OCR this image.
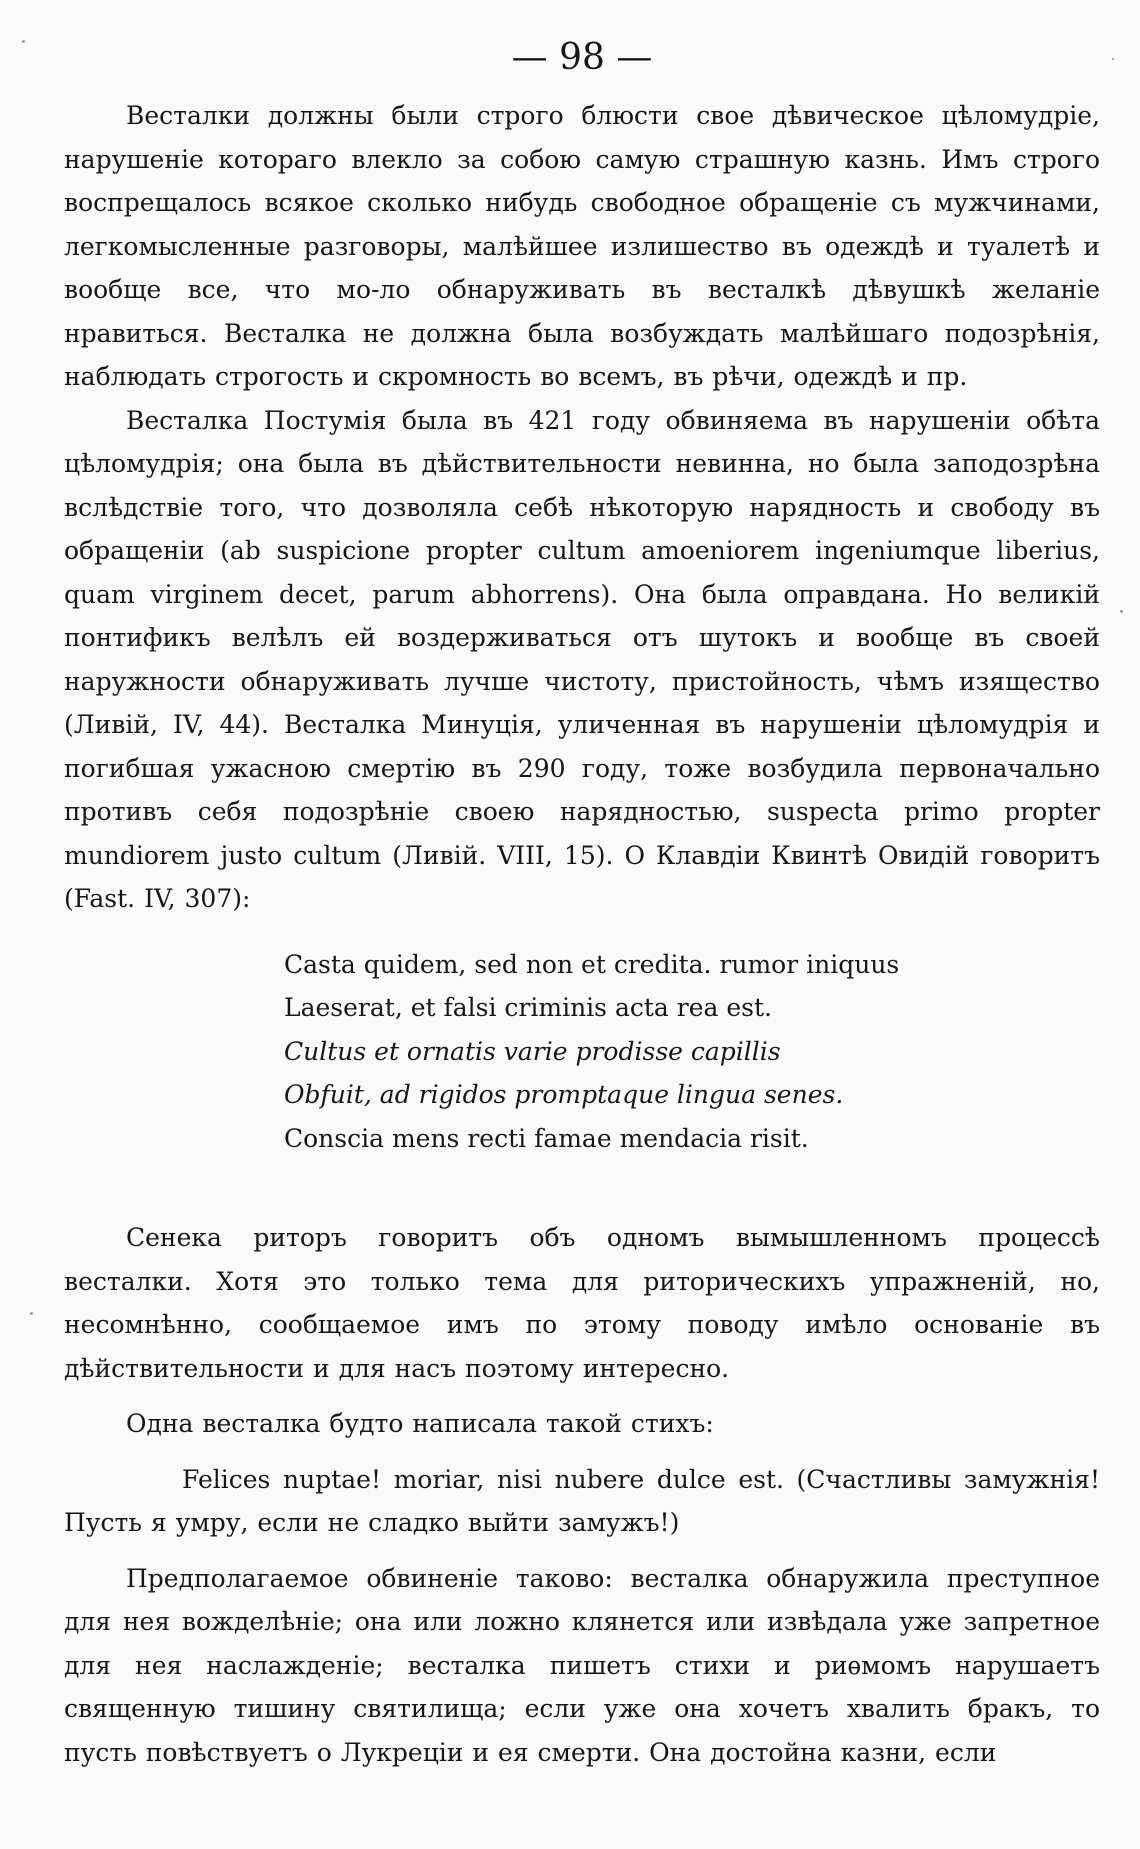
— 98 —

Весталки должны были строго блюсти свое дѣвическое цѣломудріе, нарушеніе котораго влекло за собою самую страшную казнь. Имъ строго воспрещалось всякое сколько нибудь свободное обращеніе съ мужчинами, легкомысленные разговоры, малѣйшее излишество въ одеждѣ и туалетѣ и вообще все, что мо-ло обнаруживать въ весталкѣ дѣвушкѣ желаніе нравиться. Весталка не должна была возбуждать малѣйшаго подозрѣнія, наблюдать строгость и скромность во всемъ, въ рѣчи, одеждѣ и пр.

Весталка Постумія была въ 421 году обвиняема въ нарушеніи обѣта цѣломудрія; она была въ дѣйствительности невинна, но была заподозрѣна вслѣдствіе того, что дозволяла себѣ нѣкоторую нарядность и свободу въ обращеніи (ab suspicione propter cultum amoeniorem ingeniumque liberius, quam virginem decet, parum abhorrens). Она была оправдана. Но великій понтификъ велѣлъ ей воздерживаться отъ шутокъ и вообще въ своей наружности обнаруживать лучше чистоту, пристойность, чѣмъ изящество (Ливій, IV, 44). Весталка Минуція, уличенная въ нарушеніи цѣломудрія и погибшая ужасною смертію въ 290 году, тоже возбудила первоначально противъ себя подозрѣніе своею нарядностью, suspecta primo propter mundiorem justo cultum (Ливій. VIII, 15). О Клавдіи Квинтѣ Овидій говоритъ (Fast. IV, 307):

Casta quidem, sed non et credita. rumor iniquus
Laeserat, et falsi criminis acta rea est.
Cultus et ornatis varie prodisse capillis
Obfuit, ad rigidos promptaque lingua senes.
Conscia mens recti famae mendacia risit.

Сенека риторъ говоритъ объ одномъ вымышленномъ процессѣ весталки. Хотя это только тема для риторическихъ упражненій, но, несомнѣнно, сообщаемое имъ по этому поводу имѣло основаніе въ дѣйствительности и для насъ поэтому интересно.

Одна весталка будто написала такой стихъ:

Felices nuptae! moriar, nisi nubere dulce est. (Счастливы замужнія! Пусть я умру, если не сладко выйти замужъ!)

Предполагаемое обвиненіе таково: весталка обнаружила преступное для нея вожделѣніе; она или ложно клянется или извѣдала уже запретное для нея наслажденіе; весталка пишетъ стихи и риѳмомъ нарушаетъ священную тишину святилища; если уже она хочетъ хвалить бракъ, то пусть повѣствуетъ о Лукреціи и ея смерти. Она достойна казни, если
